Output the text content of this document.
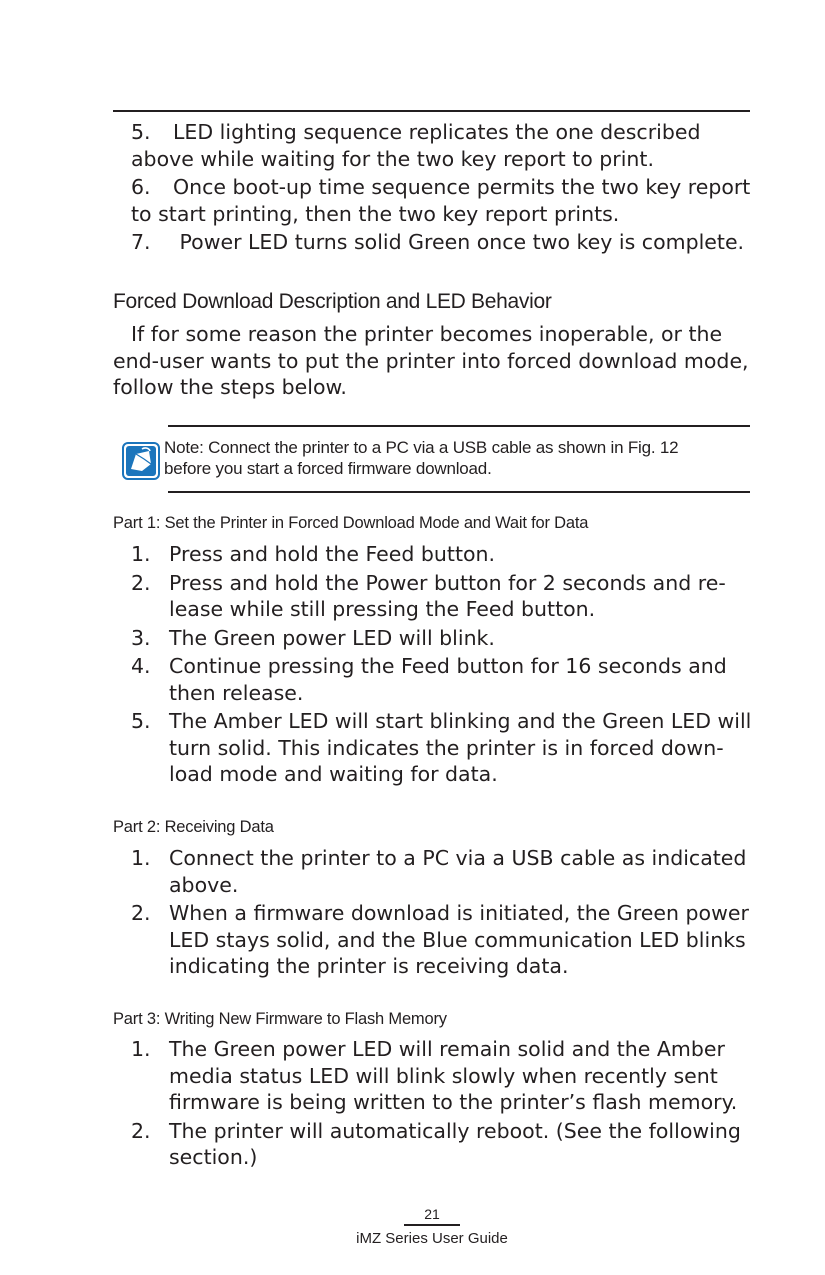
5. LED lighting sequence replicates the one described above while waiting for the two key report to print.
6. Once boot-up time sequence permits the two key report to start printing, then the two key report prints.
7. Power LED turns solid Green once two key is complete.
Forced Download Description and LED Behavior
If for some reason the printer becomes inoperable, or the end-user wants to put the printer into forced download mode, follow the steps below.
Note: Connect the printer to a PC via a USB cable as shown in Fig. 12
before you start a forced firmware download.
Part 1: Set the Printer in Forced Download Mode and Wait for Data
1. Press and hold the Feed button.
2. Press and hold the Power button for 2 seconds and re-lease while still pressing the Feed button.
3. The Green power LED will blink.
4. Continue pressing the Feed button for 16 seconds and then release.
5. The Amber LED will start blinking and the Green LED will turn solid. This indicates the printer is in forced down-load mode and waiting for data.
Part 2: Receiving Data
1. Connect the printer to a PC via a USB cable as indicated above.
2. When a firmware download is initiated, the Green power LED stays solid, and the Blue communication LED blinks indicating the printer is receiving data.
Part 3: Writing New Firmware to Flash Memory
1. The Green power LED will remain solid and the Amber media status LED will blink slowly when recently sent firmware is being written to the printer’s flash memory.
2. The printer will automatically reboot. (See the following section.)
21
iMZ Series User Guide
